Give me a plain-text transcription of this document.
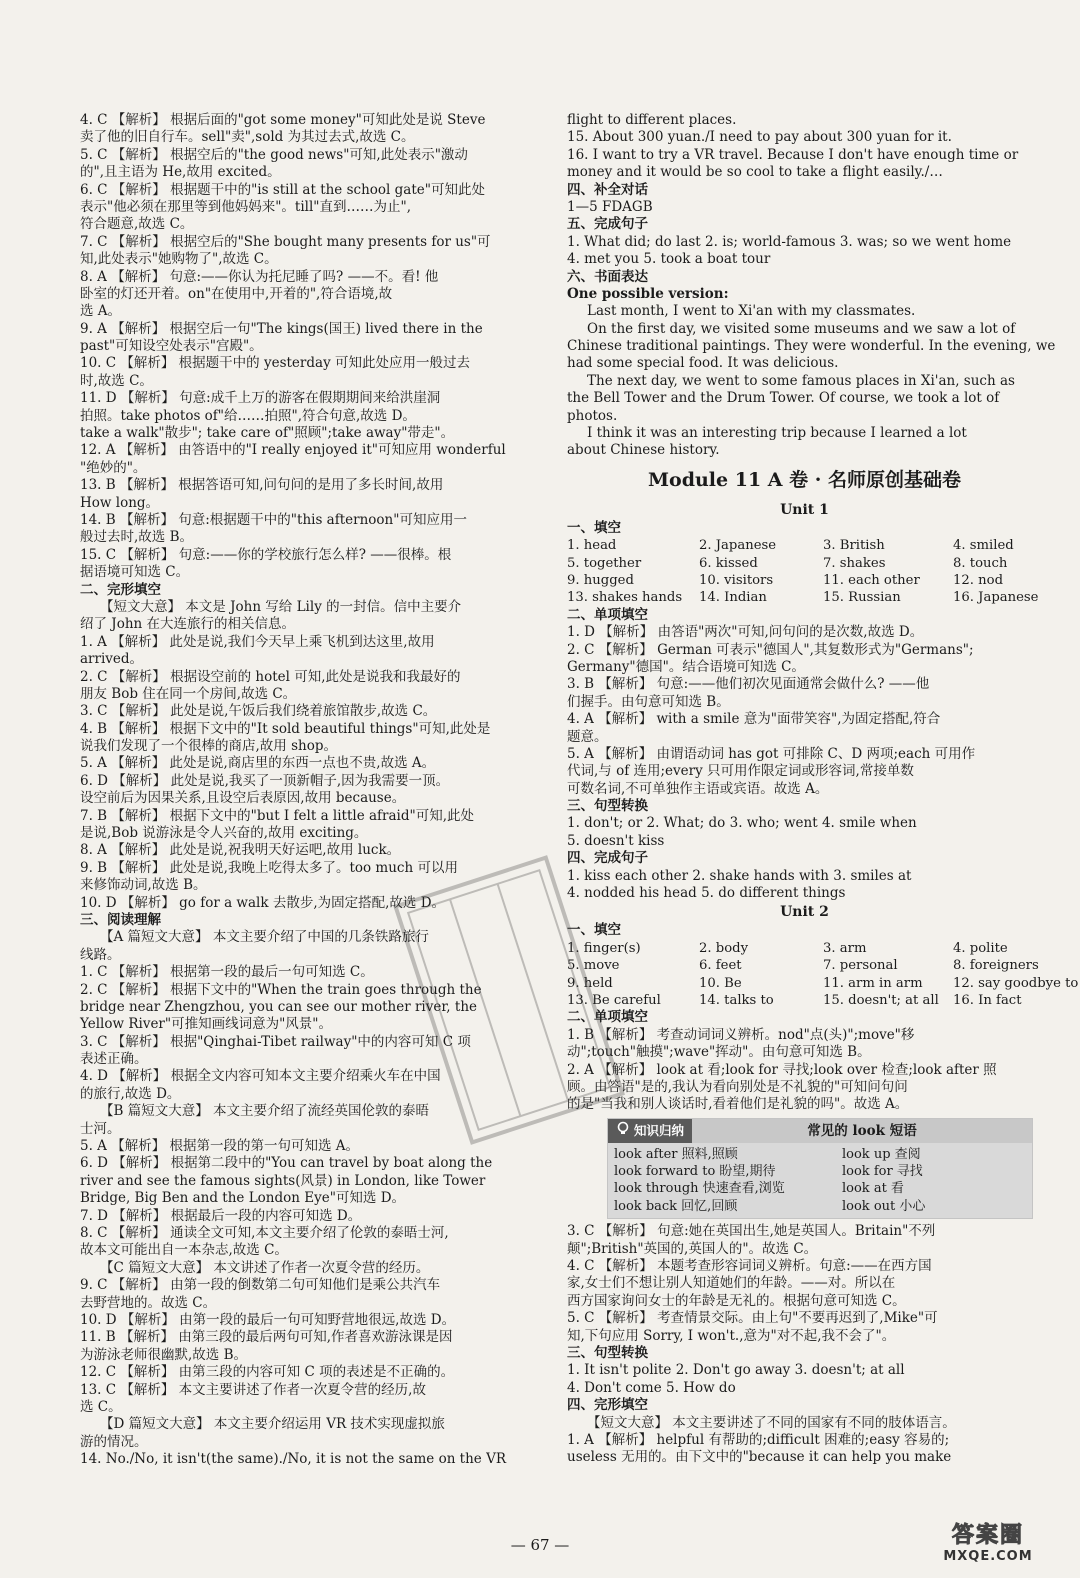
4. C 【解析】 根据后面的"got some money"可知此处是说 Steve
卖了他的旧自行车。sell"卖",sold 为其过去式,故选 C。
5. C 【解析】 根据空后的"the good news"可知,此处表示"激动
的",且主语为 He,故用 excited。
6. C 【解析】 根据题干中的"is still at the school gate"可知此处
表示"他必须在那里等到他妈妈来"。till"直到……为止",
符合题意,故选 C。
7. C 【解析】 根据空后的"She bought many presents for us"可
知,此处表示"她购物了",故选 C。
8. A 【解析】 句意:——你认为托尼睡了吗? ——不。看! 他
卧室的灯还开着。on"在使用中,开着的",符合语境,故
选 A。
9. A 【解析】 根据空后一句"The kings(国王) lived there in the
past"可知设空处表示"宫殿"。
10. C 【解析】 根据题干中的 yesterday 可知此处应用一般过去
时,故选 C。
11. D 【解析】 句意:成千上万的游客在假期期间来给洪崖洞
拍照。take photos of"给……拍照",符合句意,故选 D。
take a walk"散步"; take care of"照顾";take away"带走"。
12. A 【解析】 由答语中的"I really enjoyed it"可知应用 wonderful
"绝妙的"。
13. B 【解析】 根据答语可知,问句问的是用了多长时间,故用
How long。
14. B 【解析】 句意:根据题干中的"this afternoon"可知应用一
般过去时,故选 B。
15. C 【解析】 句意:——你的学校旅行怎么样? ——很棒。根
据语境可知选 C。
二、完形填空
【短文大意】 本文是 John 写给 Lily 的一封信。信中主要介
绍了 John 在大连旅行的相关信息。
1. A 【解析】 此处是说,我们今天早上乘飞机到达这里,故用
arrived。
2. C 【解析】 根据设空前的 hotel 可知,此处是说我和我最好的
朋友 Bob 住在同一个房间,故选 C。
3. C 【解析】 此处是说,午饭后我们绕着旅馆散步,故选 C。
4. B 【解析】 根据下文中的"It sold beautiful things"可知,此处是
说我们发现了一个很棒的商店,故用 shop。
5. A 【解析】 此处是说,商店里的东西一点也不贵,故选 A。
6. D 【解析】 此处是说,我买了一顶新帽子,因为我需要一顶。
设空前后为因果关系,且设空后表原因,故用 because。
7. B 【解析】 根据下文中的"but I felt a little afraid"可知,此处
是说,Bob 说游泳是令人兴奋的,故用 exciting。
8. A 【解析】 此处是说,祝我明天好运吧,故用 luck。
9. B 【解析】 此处是说,我晚上吃得太多了。too much 可以用
来修饰动词,故选 B。
10. D 【解析】 go for a walk 去散步,为固定搭配,故选 D。
三、阅读理解
【A 篇短文大意】 本文主要介绍了中国的几条铁路旅行
线路。
1. C 【解析】 根据第一段的最后一句可知选 C。
2. C 【解析】 根据下文中的"When the train goes through the
bridge near Zhengzhou, you can see our mother river, the
Yellow River"可推知画线词意为"风景"。
3. C 【解析】 根据"Qinghai-Tibet railway"中的内容可知 C 项
表述正确。
4. D 【解析】 根据全文内容可知本文主要介绍乘火车在中国
的旅行,故选 D。
【B 篇短文大意】 本文主要介绍了流经英国伦敦的泰晤
士河。
5. A 【解析】 根据第一段的第一句可知选 A。
6. D 【解析】 根据第二段中的"You can travel by boat along the
river and see the famous sights(风景) in London, like Tower
Bridge, Big Ben and the London Eye"可知选 D。
7. D 【解析】 根据最后一段的内容可知选 D。
8. C 【解析】 通读全文可知,本文主要介绍了伦敦的泰晤士河,
故本文可能出自一本杂志,故选 C。
【C 篇短文大意】 本文讲述了作者一次夏令营的经历。
9. C 【解析】 由第一段的倒数第二句可知他们是乘公共汽车
去野营地的。故选 C。
10. D 【解析】 由第一段的最后一句可知野营地很远,故选 D。
11. B 【解析】 由第三段的最后两句可知,作者喜欢游泳课是因
为游泳老师很幽默,故选 B。
12. C 【解析】 由第三段的内容可知 C 项的表述是不正确的。
13. C 【解析】 本文主要讲述了作者一次夏令营的经历,故
选 C。
【D 篇短文大意】 本文主要介绍运用 VR 技术实现虚拟旅
游的情况。
14. No./No, it isn't(the same)./No, it is not the same on the VR
flight to different places.
15. About 300 yuan./I need to pay about 300 yuan for it.
16. I want to try a VR travel. Because I don't have enough time or
money and it would be so cool to take a flight easily./…
四、补全对话
1—5 FDAGB
五、完成句子
1. What did; do last 2. is; world-famous 3. was; so we went home
4. met you 5. took a boat tour
六、书面表达
One possible version:
Last month, I went to Xi'an with my classmates.
On the first day, we visited some museums and we saw a lot of
Chinese traditional paintings. They were wonderful. In the evening, we
had some special food. It was delicious.
The next day, we went to some famous places in Xi'an, such as
the Bell Tower and the Drum Tower. Of course, we took a lot of
photos.
I think it was an interesting trip because I learned a lot
about Chinese history.
Module 11 A 卷 · 名师原创基础卷
Unit 1
一、填空
1. head	2. Japanese	3. British	4. smiled
5. together	6. kissed	7. shakes	8. touch
9. hugged	10. visitors	11. each other	12. nod
13. shakes hands	14. Indian	15. Russian	16. Japanese
二、单项填空
1. D 【解析】 由答语"两次"可知,问句问的是次数,故选 D。
2. C 【解析】 German 可表示"德国人",其复数形式为"Germans";
Germany"德国"。结合语境可知选 C。
3. B 【解析】 句意:——他们初次见面通常会做什么? ——他
们握手。由句意可知选 B。
4. A 【解析】 with a smile 意为"面带笑容",为固定搭配,符合
题意。
5. A 【解析】 由谓语动词 has got 可排除 C、D 两项;each 可用作
代词,与 of 连用;every 只可用作限定词或形容词,常接单数
可数名词,不可单独作主语或宾语。故选 A。
三、句型转换
1. don't; or 2. What; do 3. who; went 4. smile when
5. doesn't kiss
四、完成句子
1. kiss each other 2. shake hands with 3. smiles at
4. nodded his head 5. do different things
Unit 2
一、填空
1. finger(s)	2. body	3. arm	4. polite
5. move	6. feet	7. personal	8. foreigners
9. held	10. Be	11. arm in arm	12. say goodbye to
13. Be careful	14. talks to	15. doesn't; at all	16. In fact
二、单项填空
1. B 【解析】 考查动词词义辨析。nod"点(头)";move"移
动";touch"触摸";wave"挥动"。由句意可知选 B。
2. A 【解析】 look at 看;look for 寻找;look over 检查;look after 照
顾。由答语"是的,我认为看向别处是不礼貌的"可知问句问
的是"当我和别人谈话时,看着他们是礼貌的吗"。故选 A。
知识归纳	常见的 look 短语
look after 照料,照顾	look up 查阅
look forward to 盼望,期待	look for 寻找
look through 快速查看,浏览	look at 看
look back 回忆,回顾	look out 小心
3. C 【解析】 句意:她在英国出生,她是英国人。Britain"不列
颠";British"英国的,英国人的"。故选 C。
4. C 【解析】 本题考查形容词词义辨析。句意:——在西方国
家,女士们不想让别人知道她们的年龄。——对。所以在
西方国家询问女士的年龄是无礼的。根据句意可知选 C。
5. C 【解析】 考查情景交际。由上句"不要再迟到了,Mike"可
知,下句应用 Sorry, I won't.,意为"对不起,我不会了"。
三、句型转换
1. It isn't polite 2. Don't go away 3. doesn't; at all
4. Don't come 5. How do
四、完形填空
【短文大意】 本文主要讲述了不同的国家有不同的肢体语言。
1. A 【解析】 helpful 有帮助的;difficult 困难的;easy 容易的;
useless 无用的。由下文中的"because it can help you make
— 67 —	答案圈
MXQE.COM
